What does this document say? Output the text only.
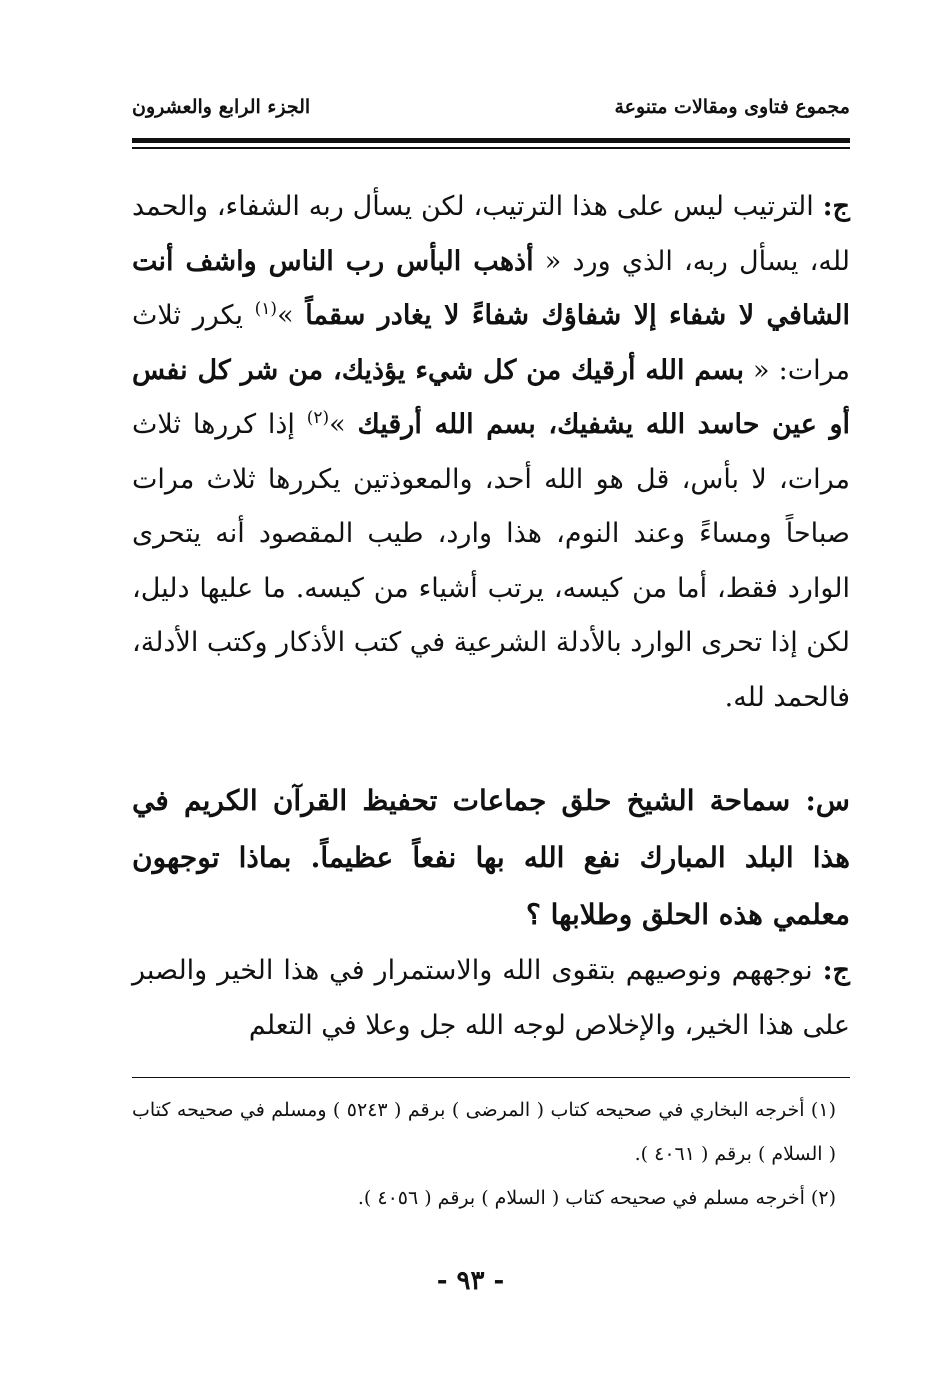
مجموع فتاوى ومقالات متنوعة
الجزء الرابع والعشرون
ج: الترتيب ليس على هذا الترتيب، لكن يسأل ربه الشفاء، والحمد لله، يسأل ربه، الذي ورد « أذهب البأس رب الناس واشف أنت الشافي لا شفاء إلا شفاؤك شفاءً لا يغادر سقماً »$^{(١)}$ يكرر ثلاث مرات: « بسم الله أرقيك من كل شيء يؤذيك، من شر كل نفس أو عين حاسد الله يشفيك، بسم الله أرقيك »$^{(٢)}$ إذا كررها ثلاث مرات، لا بأس، قل هو الله أحد، والمعوذتين يكررها ثلاث مرات صباحاً ومساءً وعند النوم، هذا وارد، طيب المقصود أنه يتحرى الوارد فقط، أما من كيسه، يرتب أشياء من كيسه. ما عليها دليل، لكن إذا تحرى الوارد بالأدلة الشرعية في كتب الأذكار وكتب الأدلة، فالحمد لله.
س: سماحة الشيخ حلق جماعات تحفيظ القرآن الكريم في هذا البلد المبارك نفع الله بها نفعاً عظيماً. بماذا توجهون معلمي هذه الحلق وطلابها ؟
ج: نوجههم ونوصيهم بتقوى الله والاستمرار في هذا الخير والصبر على هذا الخير، والإخلاص لوجه الله جل وعلا في التعلم
(١) أخرجه البخاري في صحيحه كتاب ( المرضى ) برقم ( ٥٢٤٣ ) ومسلم في صحيحه كتاب ( السلام ) برقم ( ٤٠٦١ ).
(٢) أخرجه مسلم في صحيحه كتاب ( السلام ) برقم ( ٤٠٥٦ ).
- ٩٣ -
